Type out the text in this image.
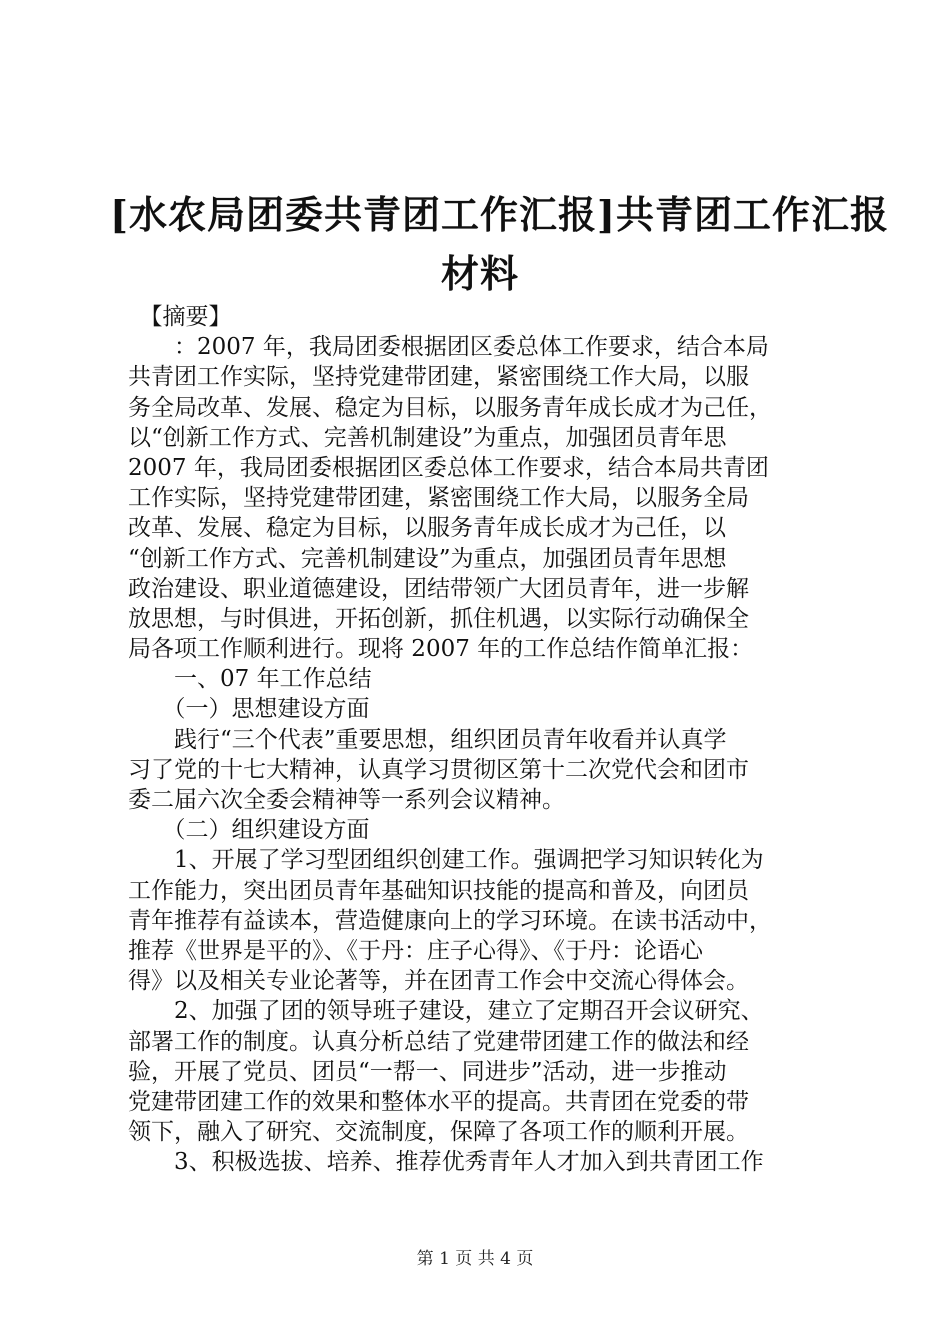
[水农局团委共青团工作汇报]共青团工作汇报
材料
　【摘要】
　　：2007 年，我局团委根据团区委总体工作要求，结合本局
共青团工作实际，坚持党建带团建，紧密围绕工作大局，以服
务全局改革、发展、稳定为目标，以服务青年成长成才为己任，
以“创新工作方式、完善机制建设”为重点，加强团员青年思
2007 年，我局团委根据团区委总体工作要求，结合本局共青团
工作实际，坚持党建带团建，紧密围绕工作大局，以服务全局
改革、发展、稳定为目标，以服务青年成长成才为己任，以
“创新工作方式、完善机制建设”为重点，加强团员青年思想
政治建设、职业道德建设，团结带领广大团员青年，进一步解
放思想，与时俱进，开拓创新，抓住机遇，以实际行动确保全
局各项工作顺利进行。现将 2007 年的工作总结作简单汇报：
　　一、07 年工作总结
　　（一）思想建设方面
　　践行“三个代表”重要思想，组织团员青年收看并认真学
习了党的十七大精神，认真学习贯彻区第十二次党代会和团市
委二届六次全委会精神等一系列会议精神。
　　（二）组织建设方面
　　1、开展了学习型团组织创建工作。强调把学习知识转化为
工作能力，突出团员青年基础知识技能的提高和普及，向团员
青年推荐有益读本，营造健康向上的学习环境。在读书活动中，
推荐《世界是平的》、《于丹：庄子心得》、《于丹：论语心
得》以及相关专业论著等，并在团青工作会中交流心得体会。
　　2、加强了团的领导班子建设，建立了定期召开会议研究、
部署工作的制度。认真分析总结了党建带团建工作的做法和经
验，开展了党员、团员“一帮一、同进步”活动，进一步推动
党建带团建工作的效果和整体水平的提高。共青团在党委的带
领下，融入了研究、交流制度，保障了各项工作的顺利开展。
　　3、积极选拔、培养、推荐优秀青年人才加入到共青团工作
第 1 页 共 4 页
